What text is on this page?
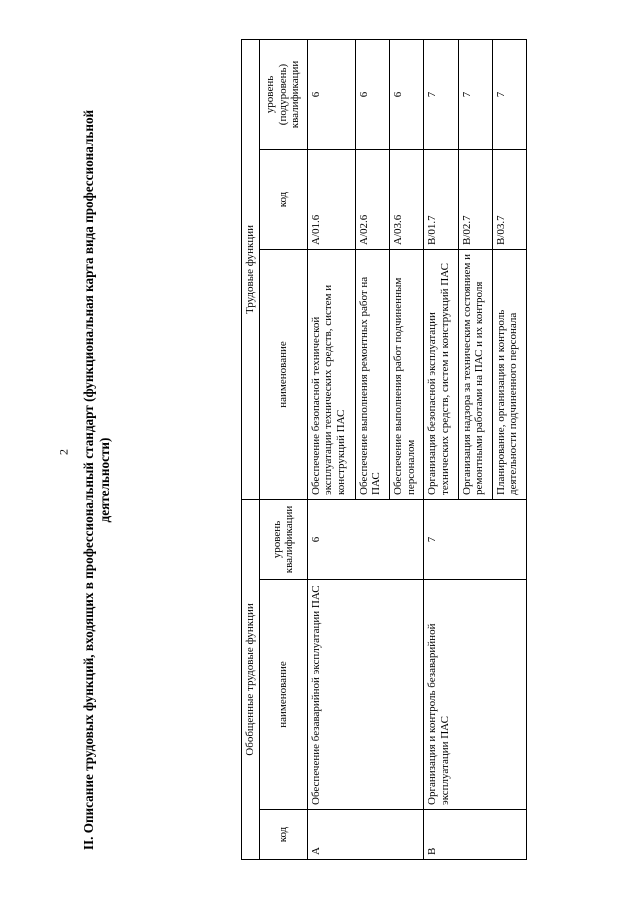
2 II. Описание трудовых функций, входящих в профессиональный стандарт (функциональная карта вида профессиональной деятельности)
Обобщенные трудовые функции			Трудовые функции		
код	наименование	уровень квалификации	наименование	код	уровень (подуровень) квалификации
А	Обеспечение безаварийной эксплуатации ПАС	6	Обеспечение безопасной технической эксплуатации технических средств, систем и конструкций ПАС	A/01.6	6
			Обеспечение выполнения ремонтных работ на ПАС	A/02.6	6
			Обеспечение выполнения работ подчиненным персоналом	A/03.6	6
В	Организация и контроль безаварийной эксплуатации ПАС	7	Организация безопасной эксплуатации технических средств, систем и конструкций ПАС	B/01.7	7
			Организация надзора за техническим состоянием и ремонтными работами на ПАС и их контроля	B/02.7	7
			Планирование, организация и контроль деятельности подчиненного персонала	B/03.7	7
